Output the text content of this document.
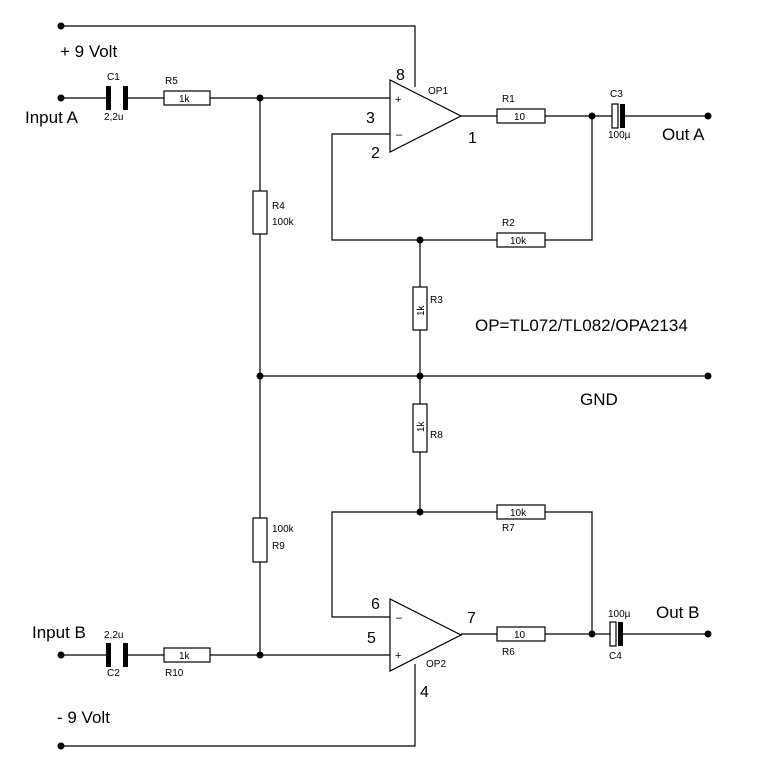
+ 9 Volt
- 9 Volt
Input A
Input B
Out A
Out B
GND
OP=TL072/TL082/OPA2134
8
3
2
1
6
5
7
4
OP1
OP2
+
–
–
+
C1
2,2u
2,2u
C2
C3
100µ
100µ
C4
R5
1k	R1
10
R2
10k
10k
R7
10
R6
1k
R10
R4
100k
100k
R9
R3
R8
1k
1k
